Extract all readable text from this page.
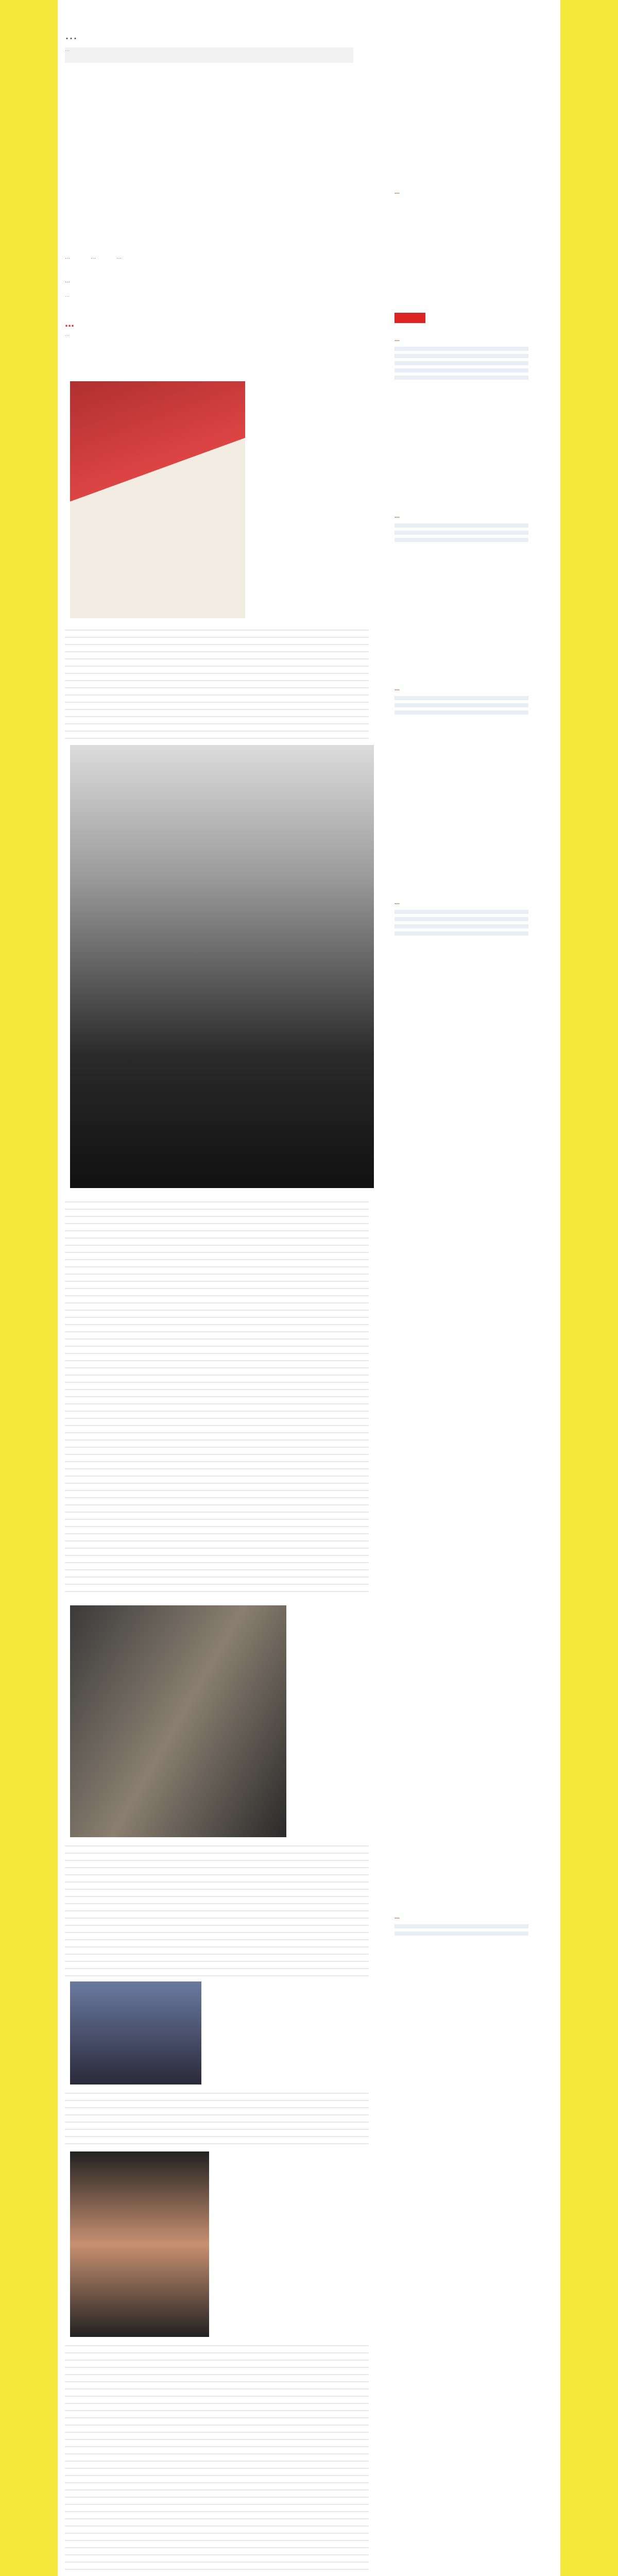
…
…
…	…	…
…
…
…
…
…
…
…
…
…
…
